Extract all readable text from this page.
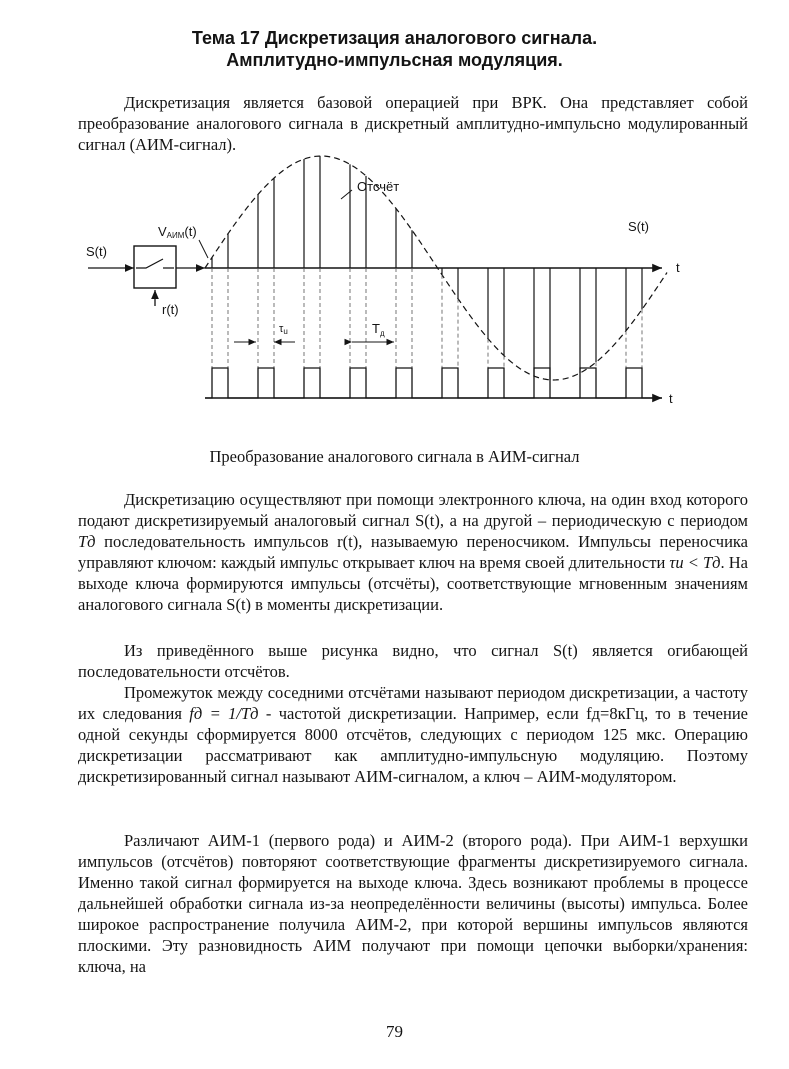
Тема 17 Дискретизация аналогового сигнала.
Амплитудно-импульсная модуляция.

Дискретизация является базовой операцией при ВРК. Она представляет собой преобразование аналогового сигнала в дискретный амплитудно-импульсно модулированный сигнал (АИМ-сигнал).

S(t)
VАИМ(t)
Отсчёт
S(t)
t
r(t)
τu	$T_д$
t
Преобразование аналогового сигнала в АИМ-сигнал

Дискретизацию осуществляют при помощи электронного ключа, на один вход которого подают дискретизируемый аналоговый сигнал S(t), а на другой – периодическую с периодом Tд последовательность импульсов r(t), называемую переносчиком. Импульсы переносчика управляют ключом: каждый импульс открывает ключ на время своей длительности τu < Tд. На выходе ключа формируются импульсы (отсчёты), соответствующие мгновенным значениям аналогового сигнала S(t) в моменты дискретизации.

Из приведённого выше рисунка видно, что сигнал S(t) является огибающей последовательности отсчётов.

Промежуток между соседними отсчётами называют периодом дискретизации, а частоту их следования fд = 1/Tд - частотой дискретизации. Например, если fд=8кГц, то в течение одной секунды сформируется 8000 отсчётов, следующих с периодом 125 мкс. Операцию дискретизации рассматривают как амплитудно-импульсную модуляцию. Поэтому дискретизированный сигнал называют АИМ-сигналом, а ключ – АИМ-модулятором.

Различают АИМ-1 (первого рода) и АИМ-2 (второго рода). При АИМ-1 верхушки импульсов (отсчётов) повторяют соответствующие фрагменты дискретизируемого сигнала. Именно такой сигнал формируется на выходе ключа. Здесь возникают проблемы в процессе дальнейшей обработки сигнала из-за неопределённости величины (высоты) импульса. Более широкое распространение получила АИМ-2, при которой вершины импульсов являются плоскими. Эту разновидность АИМ получают при помощи цепочки выборки/хранения: ключа, на

79
